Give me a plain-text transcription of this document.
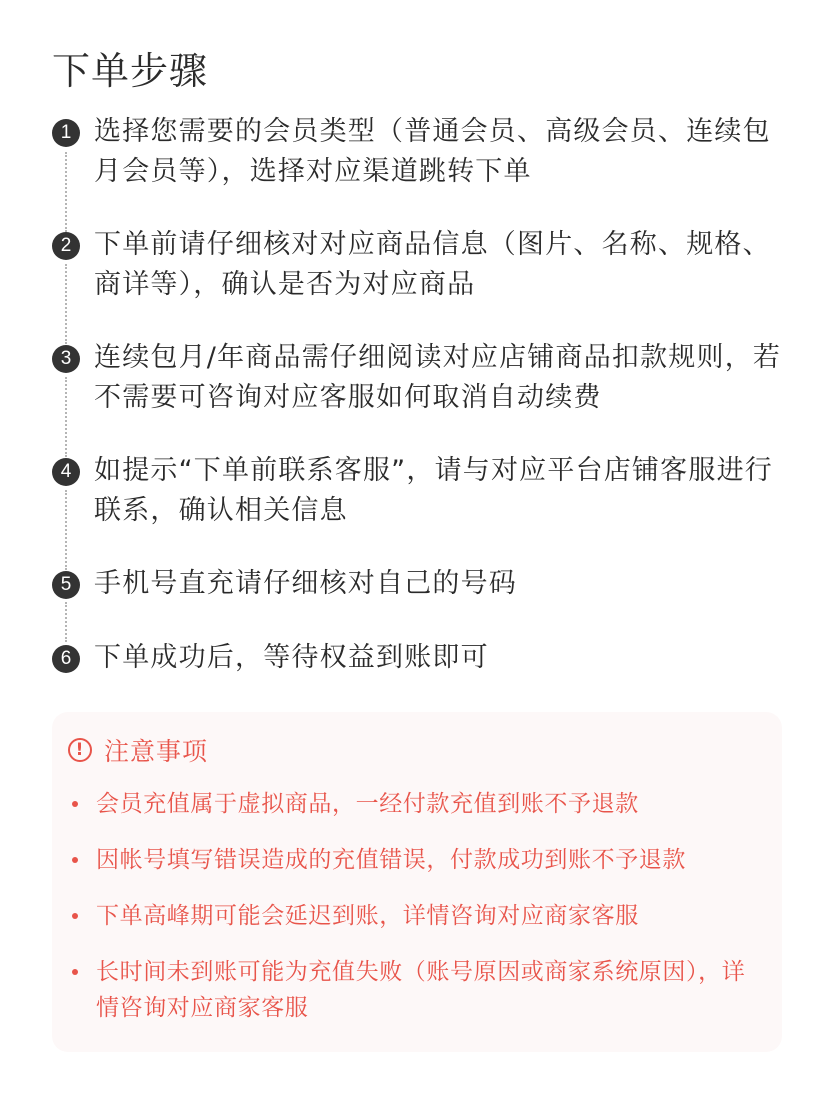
下单步骤
1 选择您需要的会员类型（普通会员、高级会员、连续包月会员等），选择对应渠道跳转下单
2 下单前请仔细核对对应商品信息（图片、名称、规格、商详等），确认是否为对应商品
3 连续包月/年商品需仔细阅读对应店铺商品扣款规则，若不需要可咨询对应客服如何取消自动续费
4 如提示“下单前联系客服”，请与对应平台店铺客服进行联系，确认相关信息
5 手机号直充请仔细核对自己的号码
6 下单成功后，等待权益到账即可
! 注意事项
会员充值属于虚拟商品，一经付款充值到账不予退款
因帐号填写错误造成的充值错误，付款成功到账不予退款
下单高峰期可能会延迟到账，详情咨询对应商家客服
长时间未到账可能为充值失败（账号原因或商家系统原因），详情咨询对应商家客服
